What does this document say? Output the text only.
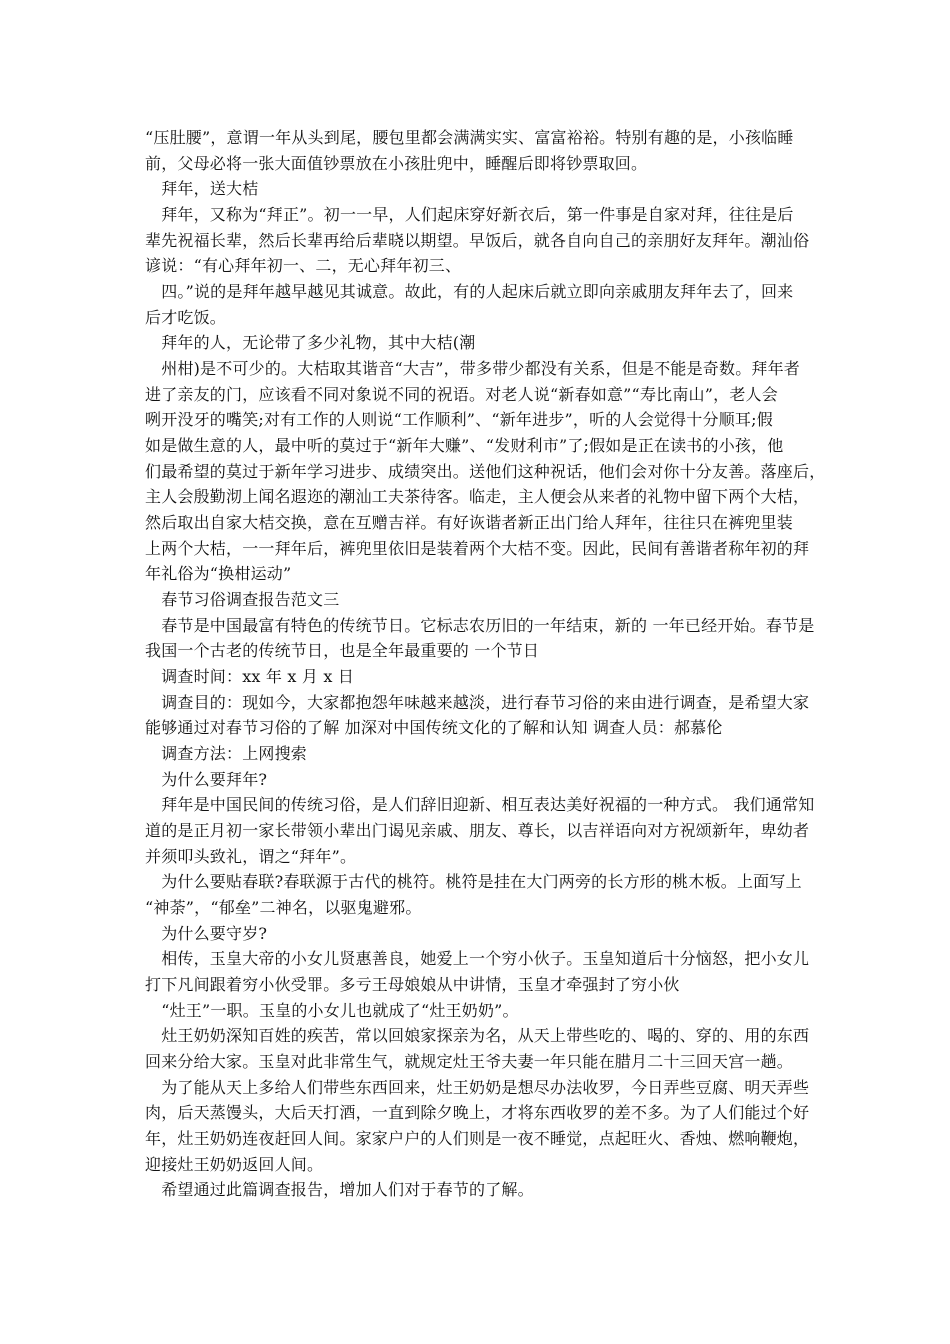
“压肚腰”，意谓一年从头到尾，腰包里都会满满实实、富富裕裕。特别有趣的是，小孩临睡
前，父母必将一张大面值钞票放在小孩肚兜中，睡醒后即将钞票取回。
　拜年，送大桔
　拜年，又称为“拜正”。初一一早，人们起床穿好新衣后，第一件事是自家对拜，往往是后
辈先祝福长辈，然后长辈再给后辈晓以期望。早饭后，就各自向自己的亲朋好友拜年。潮汕俗
谚说：“有心拜年初一、二，无心拜年初三、
　四。”说的是拜年越早越见其诚意。故此，有的人起床后就立即向亲戚朋友拜年去了，回来
后才吃饭。
　拜年的人，无论带了多少礼物，其中大桔(潮
　州柑)是不可少的。大桔取其谐音“大吉”，带多带少都没有关系，但是不能是奇数。拜年者
进了亲友的门，应该看不同对象说不同的祝语。对老人说“新春如意”“寿比南山”，老人会
咧开没牙的嘴笑;对有工作的人则说“工作顺利”、“新年进步”，听的人会觉得十分顺耳;假
如是做生意的人，最中听的莫过于“新年大赚”、“发财利市”了;假如是正在读书的小孩，他
们最希望的莫过于新年学习进步、成绩突出。送他们这种祝话，他们会对你十分友善。落座后，
主人会殷勤沏上闻名遐迩的潮汕工夫茶待客。临走，主人便会从来者的礼物中留下两个大桔，
然后取出自家大桔交换，意在互赠吉祥。有好诙谐者新正出门给人拜年，往往只在裤兜里装
上两个大桔，一一拜年后，裤兜里依旧是装着两个大桔不变。因此，民间有善谐者称年初的拜
年礼俗为“换柑运动”
　春节习俗调查报告范文三
　春节是中国最富有特色的传统节日。它标志农历旧的一年结束，新的 一年已经开始。春节是
我国一个古老的传统节日，也是全年最重要的 一个节日
　调查时间：xx 年 x 月 x 日
　调查目的：现如今，大家都抱怨年味越来越淡，进行春节习俗的来由进行调查，是希望大家
能够通过对春节习俗的了解 加深对中国传统文化的了解和认知 调查人员：郝慕伦
　调查方法：上网搜索
　为什么要拜年?
　拜年是中国民间的传统习俗，是人们辞旧迎新、相互表达美好祝福的一种方式。 我们通常知
道的是正月初一家长带领小辈出门谒见亲戚、朋友、尊长，以吉祥语向对方祝颂新年，卑幼者
并须叩头致礼，谓之“拜年”。
　为什么要贴春联?春联源于古代的桃符。桃符是挂在大门两旁的长方形的桃木板。上面写上
“神荼”，“郁垒”二神名，以驱鬼避邪。
　为什么要守岁?
　相传，玉皇大帝的小女儿贤惠善良，她爱上一个穷小伙子。玉皇知道后十分恼怒，把小女儿
打下凡间跟着穷小伙受罪。多亏王母娘娘从中讲情，玉皇才牵强封了穷小伙
　“灶王”一职。玉皇的小女儿也就成了“灶王奶奶”。
　灶王奶奶深知百姓的疾苦，常以回娘家探亲为名，从天上带些吃的、喝的、穿的、用的东西
回来分给大家。玉皇对此非常生气，就规定灶王爷夫妻一年只能在腊月二十三回天宫一趟。
　为了能从天上多给人们带些东西回来，灶王奶奶是想尽办法收罗，今日弄些豆腐、明天弄些
肉，后天蒸馒头，大后天打酒，一直到除夕晚上，才将东西收罗的差不多。为了人们能过个好
年，灶王奶奶连夜赶回人间。家家户户的人们则是一夜不睡觉，点起旺火、香烛、燃响鞭炮，
迎接灶王奶奶返回人间。
　希望通过此篇调查报告，增加人们对于春节的了解。
